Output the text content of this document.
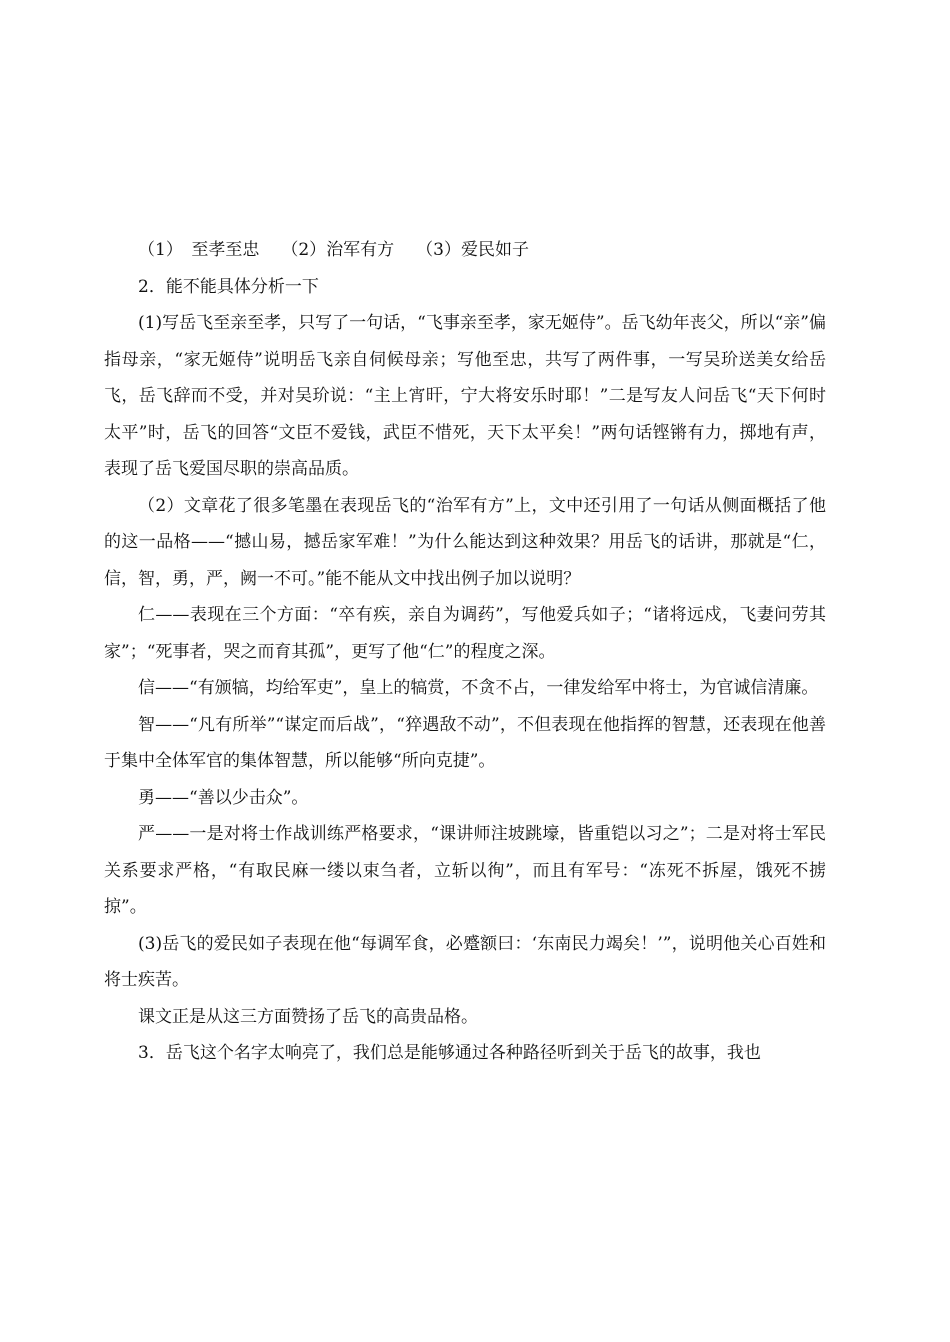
（1）　至孝至忠 （2）治军有方 （3）爱民如子

2．能不能具体分析一下

(1)写岳飞至亲至孝，只写了一句话，“飞事亲至孝，家无姬侍”。岳飞幼年丧父，所以“亲”偏指母亲，“家无姬侍”说明岳飞亲自伺候母亲；写他至忠，共写了两件事，一写吴玠送美女给岳飞，岳飞辞而不受，并对吴玠说：“主上宵旰，宁大将安乐时耶！”二是写友人问岳飞“天下何时太平”时，岳飞的回答“文臣不爱钱，武臣不惜死，天下太平矣！”两句话铿锵有力，掷地有声，表现了岳飞爱国尽职的崇高品质。

（2）文章花了很多笔墨在表现岳飞的“治军有方”上，文中还引用了一句话从侧面概括了他的这一品格——“撼山易，撼岳家军难！”为什么能达到这种效果？用岳飞的话讲，那就是“仁，信，智，勇，严，阙一不可。”能不能从文中找出例子加以说明？

仁——表现在三个方面：“卒有疾，亲自为调药”，写他爱兵如子；“诸将远戍，飞妻问劳其家”；“死事者，哭之而育其孤”，更写了他“仁”的程度之深。

信——“有颁犒，均给军吏”，皇上的犒赏，不贪不占，一律发给军中将士，为官诚信清廉。

智——“凡有所举”“谋定而后战”，“猝遇敌不动”，不但表现在他指挥的智慧，还表现在他善于集中全体军官的集体智慧，所以能够“所向克捷”。

勇——“善以少击众”。

严——一是对将士作战训练严格要求，“课讲师注坡跳壕，皆重铠以习之”；二是对将士军民关系要求严格，“有取民麻一缕以束刍者，立斩以徇”，而且有军号：“冻死不拆屋，饿死不掳掠”。

(3)岳飞的爱民如子表现在他“每调军食，必蹙额曰：‘东南民力竭矣！’”，说明他关心百姓和将士疾苦。

课文正是从这三方面赞扬了岳飞的高贵品格。

3．岳飞这个名字太响亮了，我们总是能够通过各种路径听到关于岳飞的故事，我也
